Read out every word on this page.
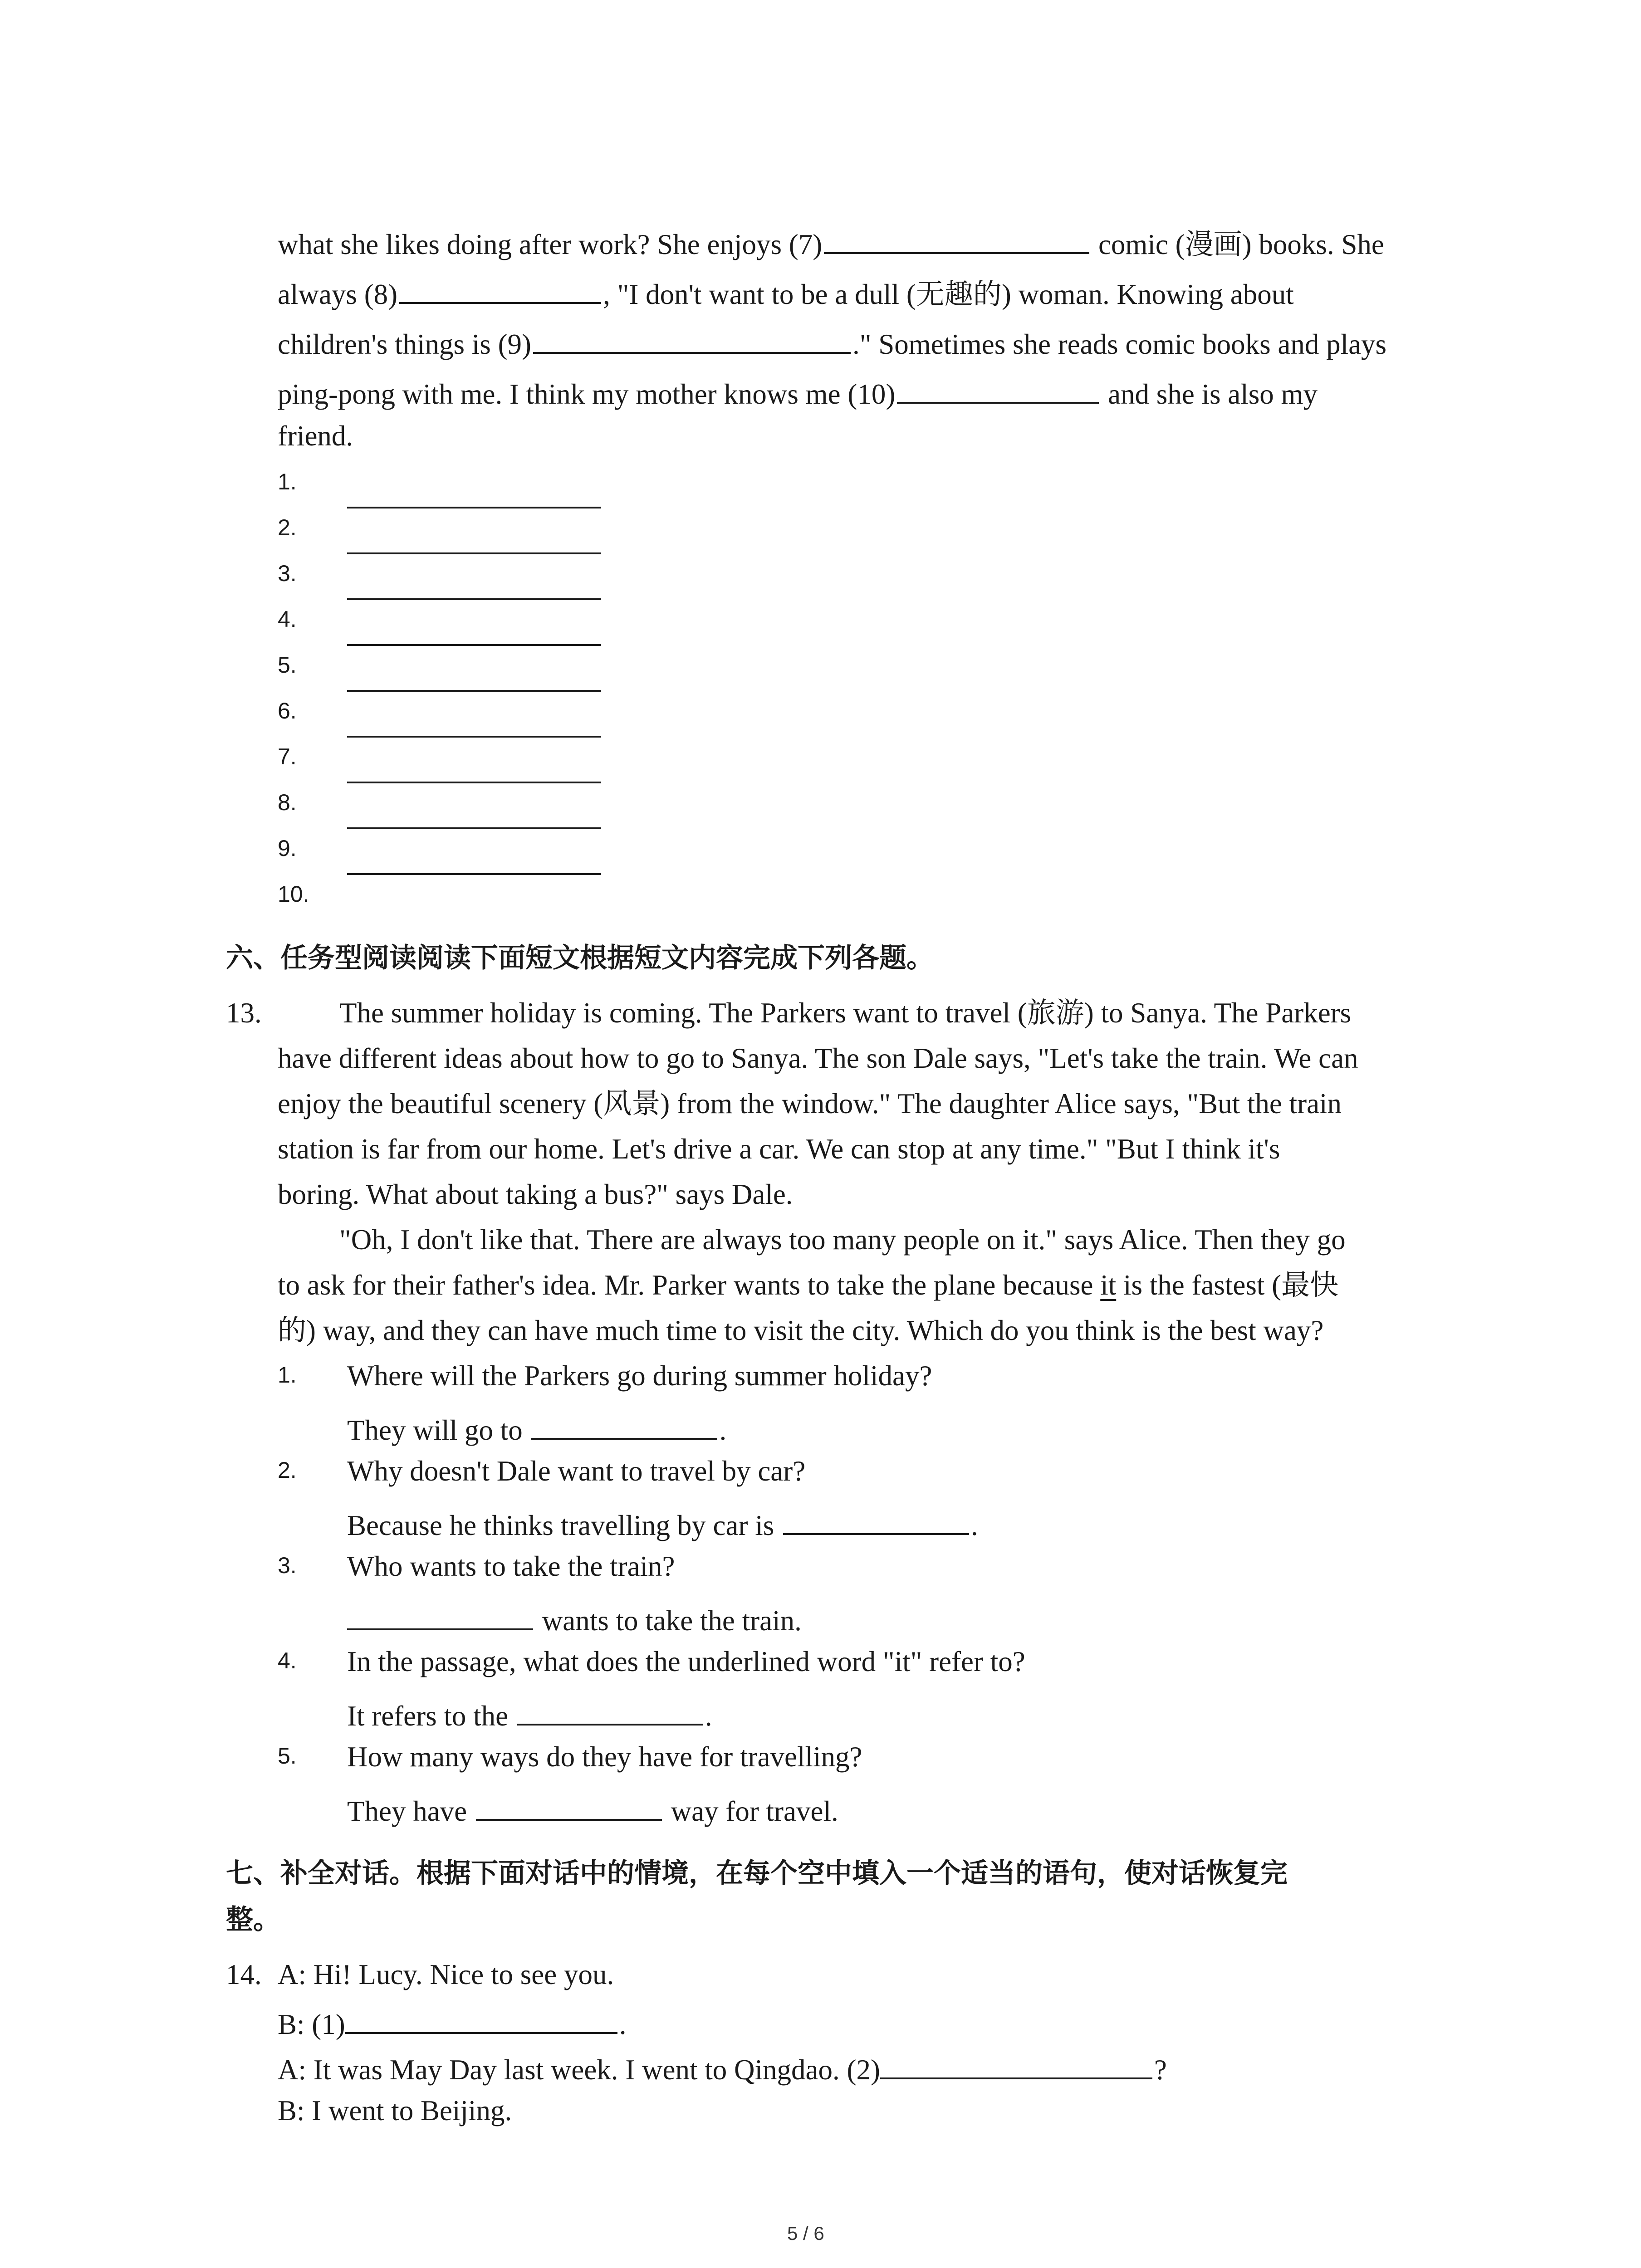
what she likes doing after work? She enjoys (7)	comic (漫画) books. She
always (8)	, "I don't want to be a dull (无趣的) woman. Knowing about
children's things is (9)	." Sometimes she reads comic books and plays
ping-pong with me. I think my mother knows me (10)	and she is also my
friend.
1.
2.
3.
4.
5.
6.
7.
8.
9.
10.
六、任务型阅读阅读下面短文根据短文内容完成下列各题。
13.	The summer holiday is coming. The Parkers want to travel (旅游) to Sanya. The Parkers
have different ideas about how to go to Sanya. The son Dale says, "Let's take the train. We can
enjoy the beautiful scenery (风景) from the window." The daughter Alice says, "But the train
station is far from our home. Let's drive a car. We can stop at any time." "But I think it's
boring. What about taking a bus?" says Dale.
"Oh, I don't like that. There are always too many people on it." says Alice. Then they go
to ask for their father's idea. Mr. Parker wants to take the plane because it is the fastest (最快
的) way, and they can have much time to visit the city. Which do you think is the best way?
1. Where will the Parkers go during summer holiday?
They will go to	.
2. Why doesn't Dale want to travel by car?
Because he thinks travelling by car is	.
3. Who wants to take the train?
wants to take the train.
4. In the passage, what does the underlined word "it" refer to?
It refers to the	.
5. How many ways do they have for travelling?
They have	way for travel.
七、补全对话。根据下面对话中的情境，在每个空中填入一个适当的语句，使对话恢复完
整。
14. A: Hi! Lucy. Nice to see you.
B: (1)	.
A: It was May Day last week. I went to Qingdao. (2)	?
B: I went to Beijing.
5 / 6
